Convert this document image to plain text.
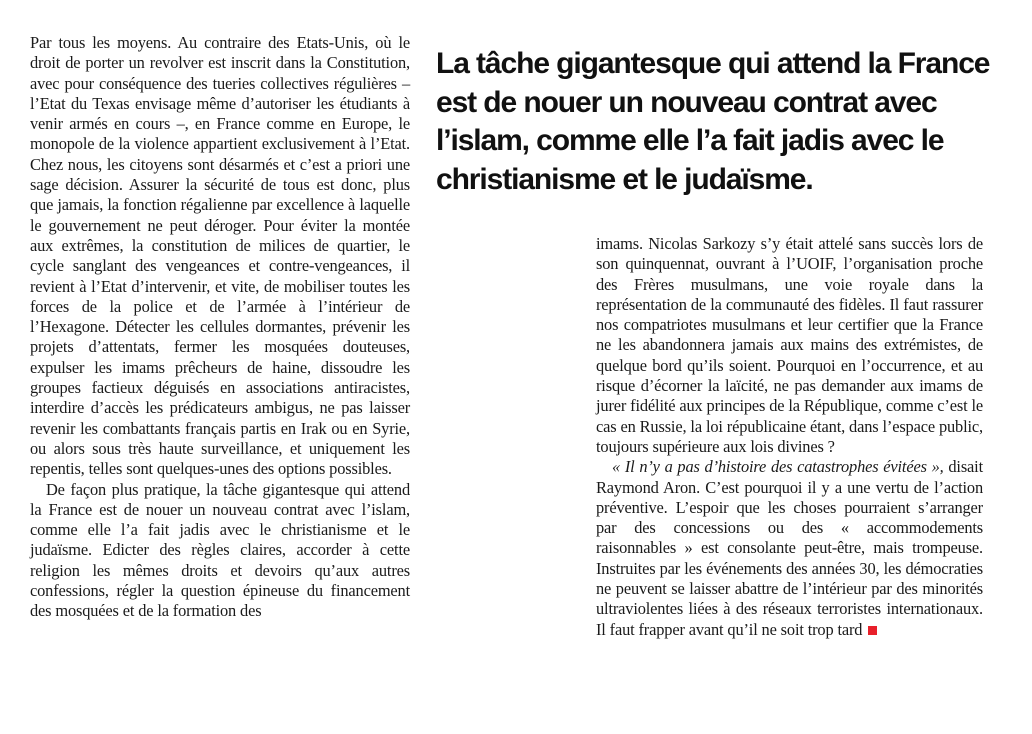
Par tous les moyens. Au contraire des Etats-Unis, où le droit de porter un revolver est inscrit dans la Constitution, avec pour conséquence des tueries collectives régulières – l’Etat du Texas envisage même d’autoriser les étudiants à venir armés en cours –, en France comme en Europe, le monopole de la violence appartient exclusivement à l’Etat. Chez nous, les citoyens sont désarmés et c’est a priori une sage décision. Assurer la sécurité de tous est donc, plus que jamais, la fonction régalienne par excellence à laquelle le gouvernement ne peut déroger. Pour éviter la montée aux extrêmes, la constitution de milices de quartier, le cycle sanglant des vengeances et contre-vengeances, il revient à l’Etat d’intervenir, et vite, de mobiliser toutes les forces de la police et de l’armée à l’intérieur de l’Hexagone. Détecter les cellules dormantes, prévenir les projets d’attentats, fermer les mosquées douteuses, expulser les imams prêcheurs de haine, dissoudre les groupes factieux déguisés en associations antiracistes, interdire d’accès les prédicateurs ambigus, ne pas laisser revenir les combattants français partis en Irak ou en Syrie, ou alors sous très haute surveillance, et uniquement les repentis, telles sont quelques-unes des options possibles.

De façon plus pratique, la tâche gigantesque qui attend la France est de nouer un nouveau contrat avec l’islam, comme elle l’a fait jadis avec le christianisme et le judaïsme. Edicter des règles claires, accorder à cette religion les mêmes droits et devoirs qu’aux autres confessions, régler la question épineuse du financement des mosquées et de la formation des

La tâche gigantesque qui attend la France est de nouer un nouveau contrat avec l’islam, comme elle l’a fait jadis avec le christianisme et le judaïsme.

imams. Nicolas Sarkozy s’y était attelé sans succès lors de son quinquennat, ouvrant à l’UOIF, l’organisation proche des Frères musulmans, une voie royale dans la représentation de la communauté des fidèles. Il faut rassurer nos compatriotes musulmans et leur certifier que la France ne les abandonnera jamais aux mains des extrémistes, de quelque bord qu’ils soient. Pourquoi en l’occurrence, et au risque d’écorner la laïcité, ne pas demander aux imams de jurer fidélité aux principes de la République, comme c’est le cas en Russie, la loi républicaine étant, dans l’espace public, toujours supérieure aux lois divines ?

« Il n’y a pas d’histoire des catastrophes évitées », disait Raymond Aron. C’est pourquoi il y a une vertu de l’action préventive. L’espoir que les choses pourraient s’arranger par des concessions ou des « accommodements raisonnables » est consolante peut-être, mais trompeuse. Instruites par les événements des années 30, les démocraties ne peuvent se laisser abattre de l’intérieur par des minorités ultraviolentes liées à des réseaux terroristes internationaux. Il faut frapper avant qu’il ne soit trop tard
